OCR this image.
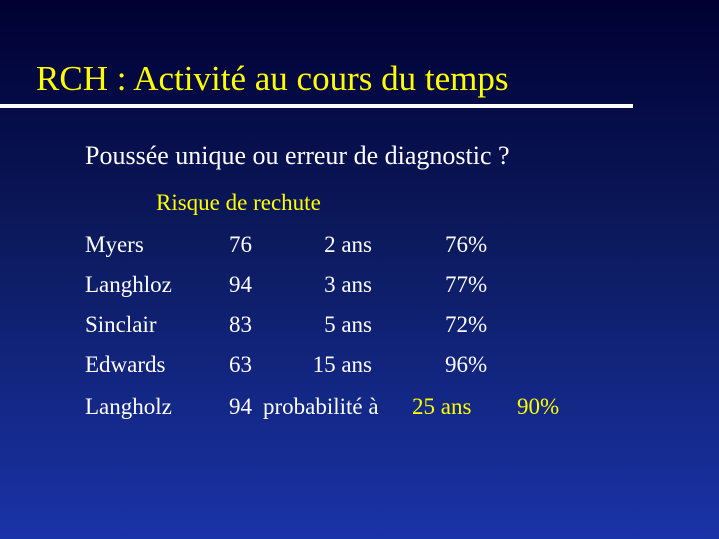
RCH : Activité au cours du temps
Poussée unique ou erreur de diagnostic ?
Risque de rechute
Myers	76	2 ans	76%
Langhloz 94	3 ans	77%
Sinclair	83	5 ans	72%
Edwards	63	15 ans	96%
Langholz 94 probabilité à 25 ans 90%
